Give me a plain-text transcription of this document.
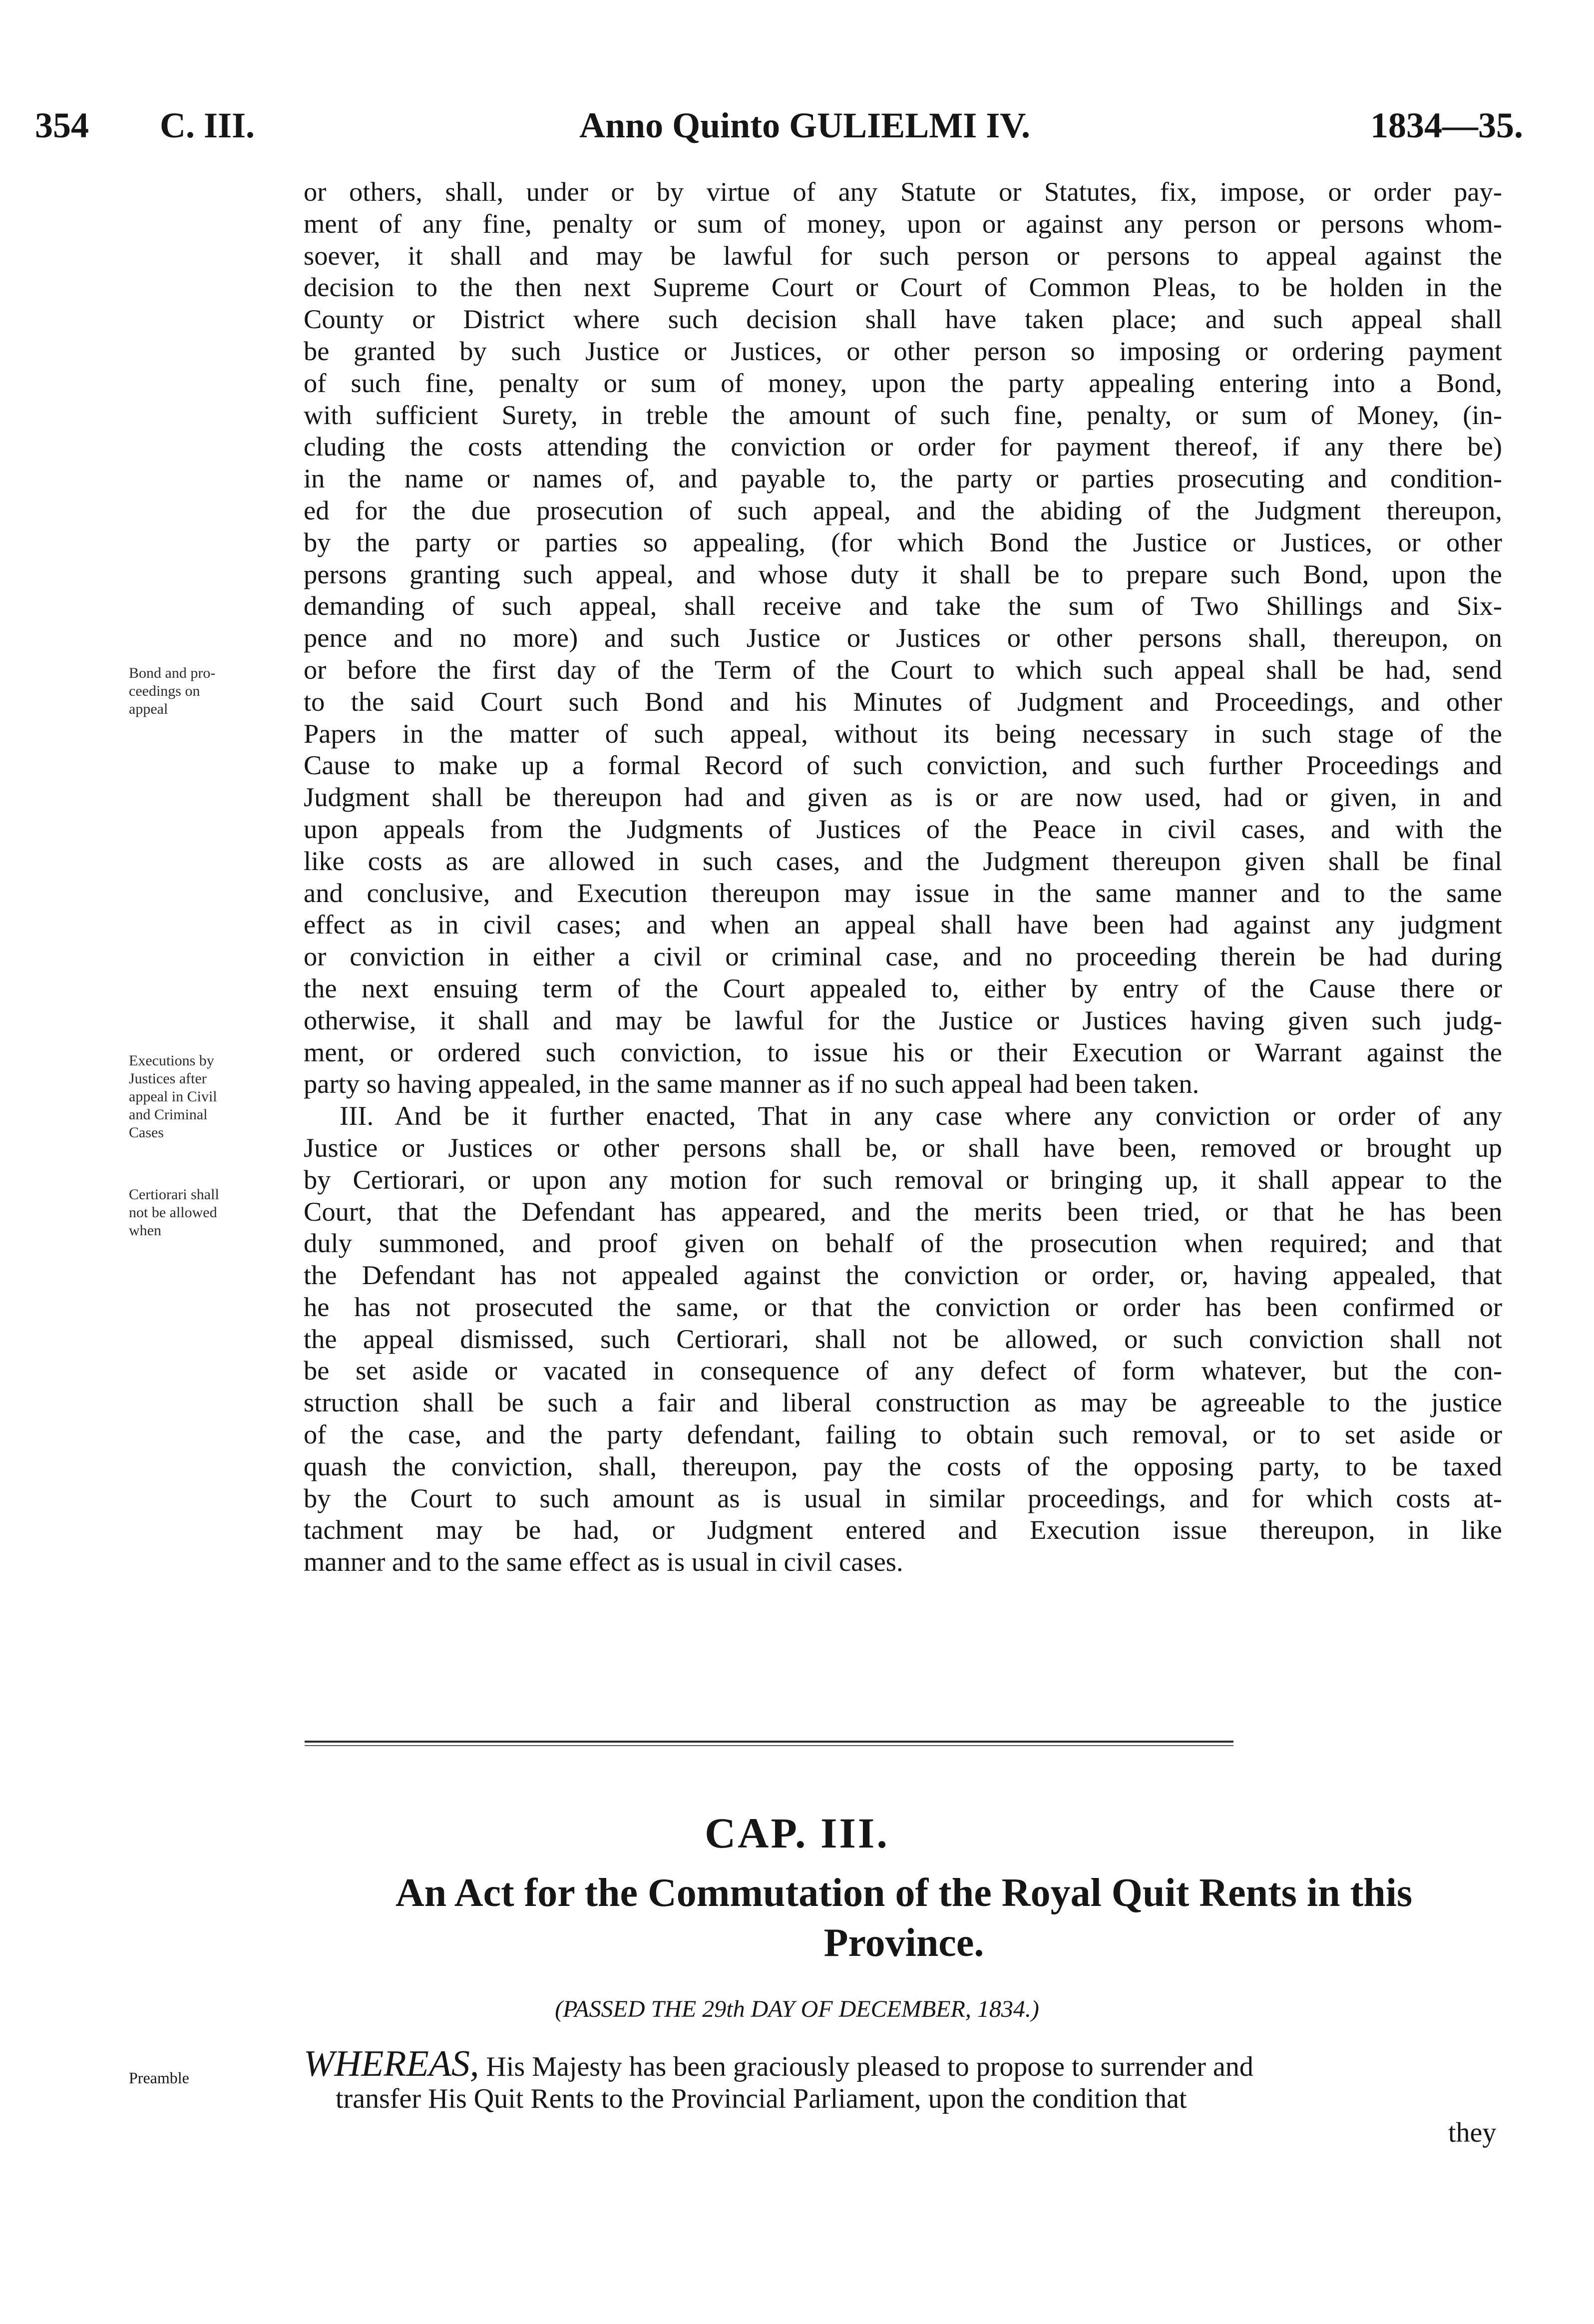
354 C. III.	Anno Quinto GULIELMI IV.	1834—35.
or others, shall, under or by virtue of any Statute or Statutes, fix, impose, or order pay-
ment of any fine, penalty or sum of money, upon or against any person or persons whom-
soever, it shall and may be lawful for such person or persons to appeal against the
decision to the then next Supreme Court or Court of Common Pleas, to be holden in the
County or District where such decision shall have taken place; and such appeal shall
be granted by such Justice or Justices, or other person so imposing or ordering payment
of such fine, penalty or sum of money, upon the party appealing entering into a Bond,
with sufficient Surety, in treble the amount of such fine, penalty, or sum of Money, (in-
cluding the costs attending the conviction or order for payment thereof, if any there be)
in the name or names of, and payable to, the party or parties prosecuting and condition-
ed for the due prosecution of such appeal, and the abiding of the Judgment thereupon,
by the party or parties so appealing, (for which Bond the Justice or Justices, or other
persons granting such appeal, and whose duty it shall be to prepare such Bond, upon the
demanding of such appeal, shall receive and take the sum of Two Shillings and Six-
pence and no more) and such Justice or Justices or other persons shall, thereupon, on
or before the first day of the Term of the Court to which such appeal shall be had, send
to the said Court such Bond and his Minutes of Judgment and Proceedings, and other
Papers in the matter of such appeal, without its being necessary in such stage of the
Cause to make up a formal Record of such conviction, and such further Proceedings and
Judgment shall be thereupon had and given as is or are now used, had or given, in and
upon appeals from the Judgments of Justices of the Peace in civil cases, and with the
like costs as are allowed in such cases, and the Judgment thereupon given shall be final
and conclusive, and Execution thereupon may issue in the same manner and to the same
effect as in civil cases; and when an appeal shall have been had against any judgment
or conviction in either a civil or criminal case, and no proceeding therein be had during
the next ensuing term of the Court appealed to, either by entry of the Cause there or
otherwise, it shall and may be lawful for the Justice or Justices having given such judg-
ment, or ordered such conviction, to issue his or their Execution or Warrant against the
party so having appealed, in the same manner as if no such appeal had been taken.
III. And be it further enacted, That in any case where any conviction or order of any
Justice or Justices or other persons shall be, or shall have been, removed or brought up
by Certiorari, or upon any motion for such removal or bringing up, it shall appear to the
Court, that the Defendant has appeared, and the merits been tried, or that he has been
duly summoned, and proof given on behalf of the prosecution when required; and that
the Defendant has not appealed against the conviction or order, or, having appealed, that
he has not prosecuted the same, or that the conviction or order has been confirmed or
the appeal dismissed, such Certiorari, shall not be allowed, or such conviction shall not
be set aside or vacated in consequence of any defect of form whatever, but the con-
struction shall be such a fair and liberal construction as may be agreeable to the justice
of the case, and the party defendant, failing to obtain such removal, or to set aside or
quash the conviction, shall, thereupon, pay the costs of the opposing party, to be taxed
by the Court to such amount as is usual in similar proceedings, and for which costs at-
tachment may be had, or Judgment entered and Execution issue thereupon, in like
manner and to the same effect as is usual in civil cases.
Bond and pro-
ceedings on
appeal
Executions by
Justices after
appeal in Civil
and Criminal
Cases
Certiorari shall
not be allowed
when
CAP. III.
An Act for the Commutation of the Royal Quit Rents in this
Province.
(PASSED THE 29th DAY OF DECEMBER, 1834.)
Preamble	WHEREAS, His Majesty has been graciously pleased to propose to surrender and
transfer His Quit Rents to the Provincial Parliament, upon the condition that
they
